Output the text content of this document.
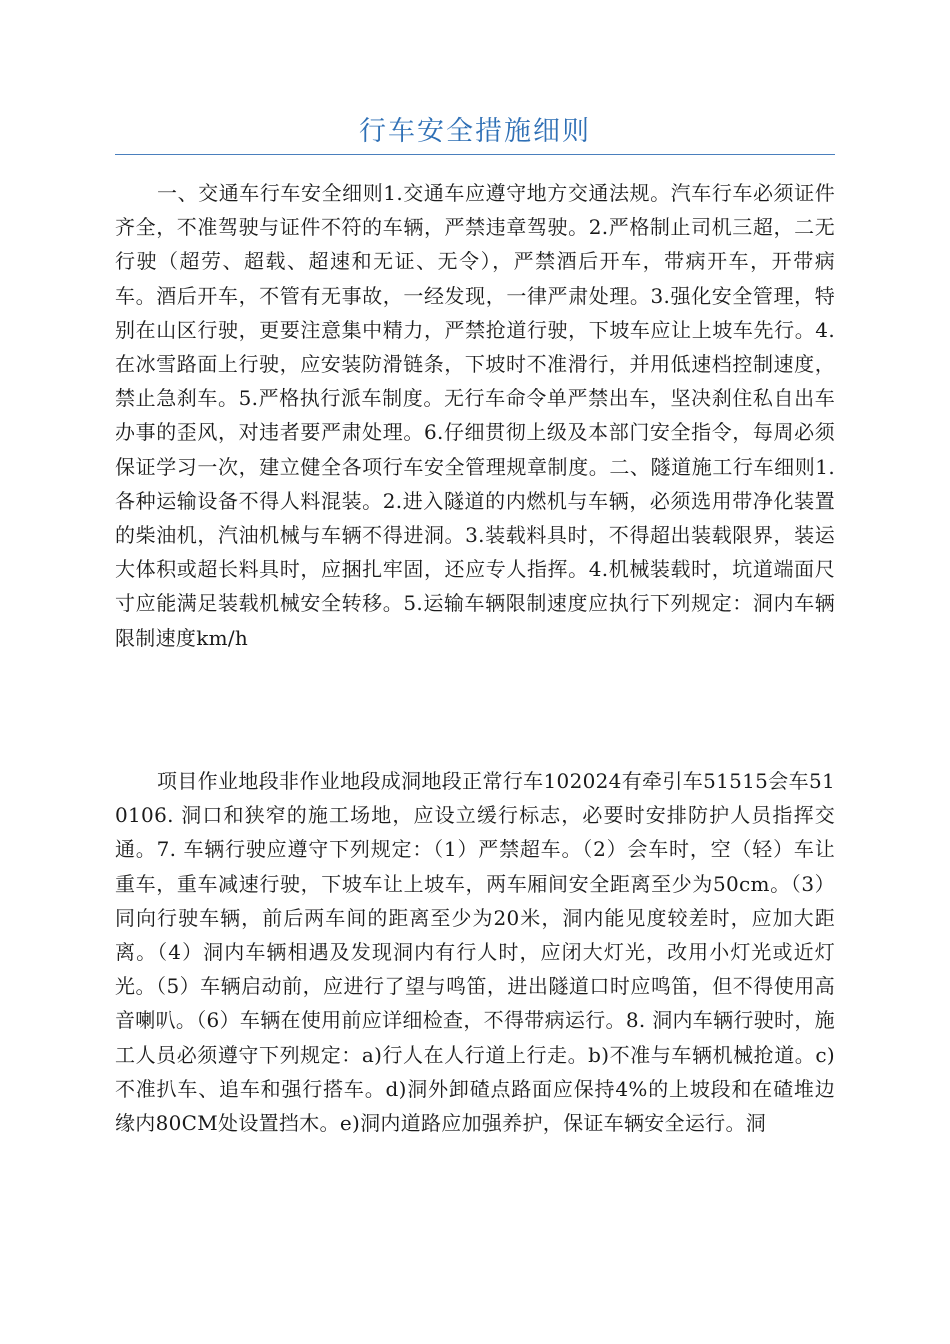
行车安全措施细则

一、交通车行车安全细则1.交通车应遵守地方交通法规。汽车行车必须证件齐全，不准驾驶与证件不符的车辆，严禁违章驾驶。2.严格制止司机三超，二无行驶（超劳、超载、超速和无证、无令），严禁酒后开车，带病开车，开带病车。酒后开车，不管有无事故，一经发现，一律严肃处理。3.强化安全管理，特别在山区行驶，更要注意集中精力，严禁抢道行驶，下坡车应让上坡车先行。4.在冰雪路面上行驶，应安装防滑链条，下坡时不准滑行，并用低速档控制速度，禁止急刹车。5.严格执行派车制度。无行车命令单严禁出车，坚决刹住私自出车办事的歪风，对违者要严肃处理。6.仔细贯彻上级及本部门安全指令，每周必须保证学习一次，建立健全各项行车安全管理规章制度。二、隧道施工行车细则1.各种运输设备不得人料混装。2.进入隧道的内燃机与车辆，必须选用带净化装置的柴油机，汽油机械与车辆不得进洞。3.装载料具时，不得超出装载限界，装运大体积或超长料具时，应捆扎牢固，还应专人指挥。4.机械装载时，坑道端面尺寸应能满足装载机械安全转移。5.运输车辆限制速度应执行下列规定：洞内车辆限制速度km/h

项目作业地段非作业地段成洞地段正常行车102024有牵引车51515会车510106. 洞口和狭窄的施工场地，应设立缓行标志，必要时安排防护人员指挥交通。7. 车辆行驶应遵守下列规定：（1）严禁超车。（2）会车时，空（轻）车让重车，重车减速行驶，下坡车让上坡车，两车厢间安全距离至少为50cm。（3）同向行驶车辆，前后两车间的距离至少为20米，洞内能见度较差时，应加大距离。（4）洞内车辆相遇及发现洞内有行人时，应闭大灯光，改用小灯光或近灯光。（5）车辆启动前，应进行了望与鸣笛，进出隧道口时应鸣笛，但不得使用高音喇叭。（6）车辆在使用前应详细检查，不得带病运行。8. 洞内车辆行驶时，施工人员必须遵守下列规定：a)行人在人行道上行走。b)不准与车辆机械抢道。c)不准扒车、追车和强行搭车。d)洞外卸碴点路面应保持4%的上坡段和在碴堆边缘内80CM处设置挡木。e)洞内道路应加强养护，保证车辆安全运行。洞
